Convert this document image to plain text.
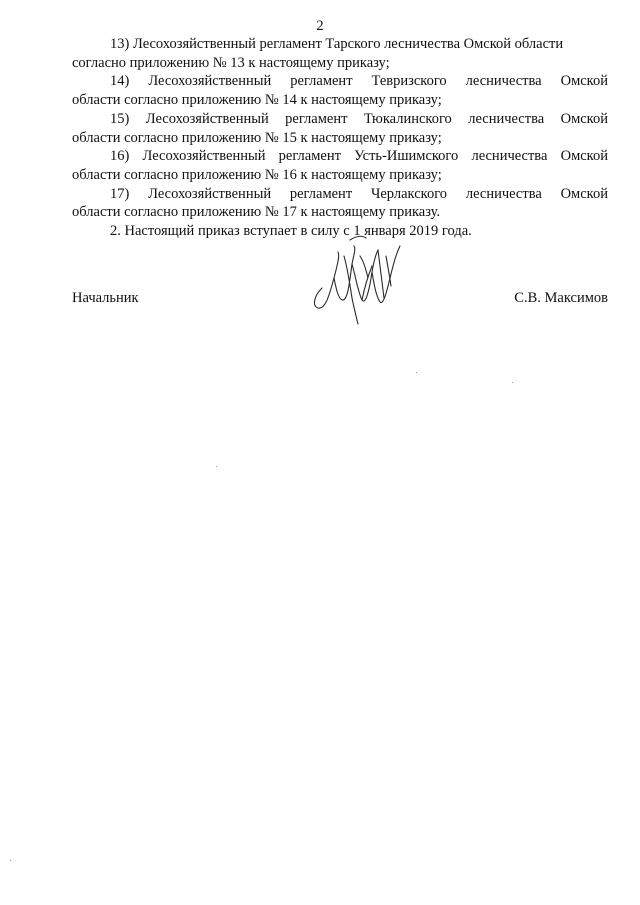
2

13) Лесохозяйственный регламент Тарского лесничества Омской области
согласно приложению № 13 к настоящему приказу;

14) Лесохозяйственный регламент Тевризского лесничества Омской
области согласно приложению № 14 к настоящему приказу;

15) Лесохозяйственный регламент Тюкалинского лесничества Омской
области согласно приложению № 15 к настоящему приказу;

16) Лесохозяйственный регламент Усть-Ишимского лесничества Омской
области согласно приложению № 16 к настоящему приказу;

17) Лесохозяйственный регламент Черлакского лесничества Омской
области согласно приложению № 17 к настоящему приказу.

2. Настоящий приказ вступает в силу с 1 января 2019 года.

Начальник	С.В. Максимов
